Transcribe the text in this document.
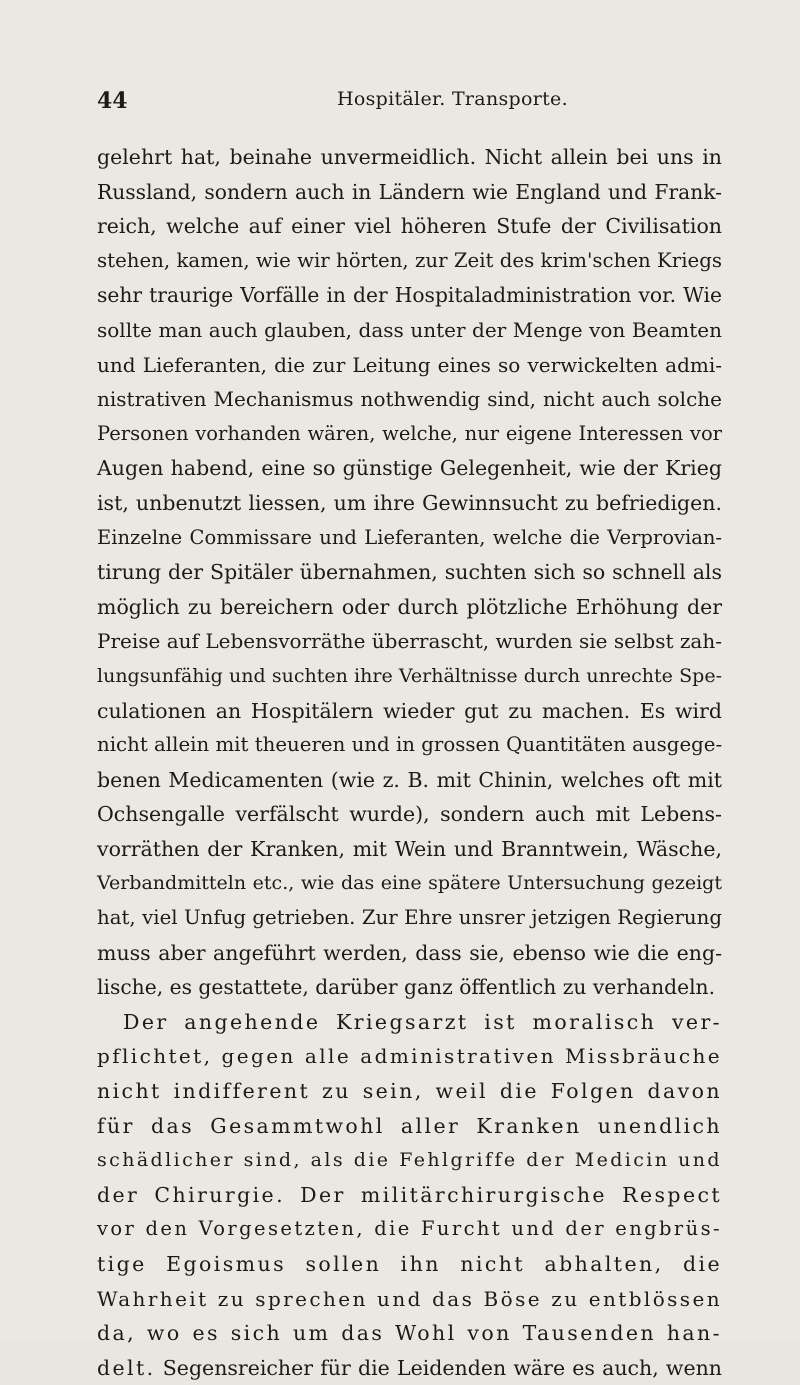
44	Hospitäler. Transporte.
gelehrt hat, beinahe unvermeidlich. Nicht allein bei uns in
Russland, sondern auch in Ländern wie England und Frank-
reich, welche auf einer viel höheren Stufe der Civilisation
stehen, kamen, wie wir hörten, zur Zeit des krim'schen Kriegs
sehr traurige Vorfälle in der Hospitaladministration vor. Wie
sollte man auch glauben, dass unter der Menge von Beamten
und Lieferanten, die zur Leitung eines so verwickelten admi-
nistrativen Mechanismus nothwendig sind, nicht auch solche
Personen vorhanden wären, welche, nur eigene Interessen vor
Augen habend, eine so günstige Gelegenheit, wie der Krieg
ist, unbenutzt liessen, um ihre Gewinnsucht zu befriedigen.
Einzelne Commissare und Lieferanten, welche die Verprovian-
tirung der Spitäler übernahmen, suchten sich so schnell als
möglich zu bereichern oder durch plötzliche Erhöhung der
Preise auf Lebensvorräthe überrascht, wurden sie selbst zah-
lungsunfähig und suchten ihre Verhältnisse durch unrechte Spe-
culationen an Hospitälern wieder gut zu machen. Es wird
nicht allein mit theueren und in grossen Quantitäten ausgege-
benen Medicamenten (wie z. B. mit Chinin, welches oft mit
Ochsengalle verfälscht wurde), sondern auch mit Lebens-
vorräthen der Kranken, mit Wein und Branntwein, Wäsche,
Verbandmitteln etc., wie das eine spätere Untersuchung gezeigt
hat, viel Unfug getrieben. Zur Ehre unsrer jetzigen Regierung
muss aber angeführt werden, dass sie, ebenso wie die eng-
lische, es gestattete, darüber ganz öffentlich zu verhandeln.
Der angehende Kriegsarzt ist moralisch ver-
pflichtet, gegen alle administrativen Missbräuche
nicht indifferent zu sein, weil die Folgen davon
für das Gesammtwohl aller Kranken unendlich
schädlicher sind, als die Fehlgriffe der Medicin und
der Chirurgie. Der militärchirurgische Respect
vor den Vorgesetzten, die Furcht und der engbrüs-
tige Egoismus sollen ihn nicht abhalten, die
Wahrheit zu sprechen und das Böse zu entblössen
da, wo es sich um das Wohl von Tausenden han-
delt. Segensreicher für die Leidenden wäre es auch, wenn
